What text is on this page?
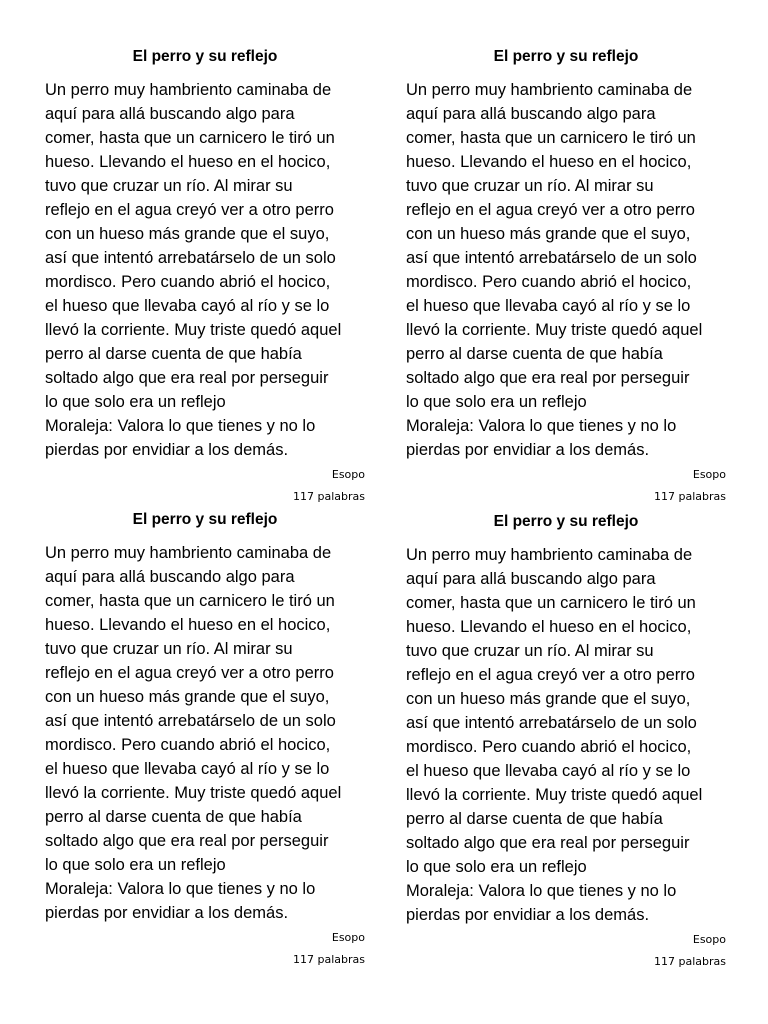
El perro y su reflejo
Un perro muy hambriento caminaba de
aquí para allá buscando algo para
comer, hasta que un carnicero le tiró un
hueso. Llevando el hueso en el hocico,
tuvo que cruzar un río. Al mirar su
reflejo en el agua creyó ver a otro perro
con un hueso más grande que el suyo,
así que intentó arrebatárselo de un solo
mordisco. Pero cuando abrió el hocico,
el hueso que llevaba cayó al río y se lo
llevó la corriente. Muy triste quedó aquel
perro al darse cuenta de que había
soltado algo que era real por perseguir
lo que solo era un reflejo
Moraleja: Valora lo que tienes y no lo
pierdas por envidiar a los demás.
Esopo
117 palabras
El perro y su reflejo
Un perro muy hambriento caminaba de
aquí para allá buscando algo para
comer, hasta que un carnicero le tiró un
hueso. Llevando el hueso en el hocico,
tuvo que cruzar un río. Al mirar su
reflejo en el agua creyó ver a otro perro
con un hueso más grande que el suyo,
así que intentó arrebatárselo de un solo
mordisco. Pero cuando abrió el hocico,
el hueso que llevaba cayó al río y se lo
llevó la corriente. Muy triste quedó aquel
perro al darse cuenta de que había
soltado algo que era real por perseguir
lo que solo era un reflejo
Moraleja: Valora lo que tienes y no lo
pierdas por envidiar a los demás.
Esopo
117 palabras
El perro y su reflejo
Un perro muy hambriento caminaba de
aquí para allá buscando algo para
comer, hasta que un carnicero le tiró un
hueso. Llevando el hueso en el hocico,
tuvo que cruzar un río. Al mirar su
reflejo en el agua creyó ver a otro perro
con un hueso más grande que el suyo,
así que intentó arrebatárselo de un solo
mordisco. Pero cuando abrió el hocico,
el hueso que llevaba cayó al río y se lo
llevó la corriente. Muy triste quedó aquel
perro al darse cuenta de que había
soltado algo que era real por perseguir
lo que solo era un reflejo
Moraleja: Valora lo que tienes y no lo
pierdas por envidiar a los demás.
Esopo
117 palabras
El perro y su reflejo
Un perro muy hambriento caminaba de
aquí para allá buscando algo para
comer, hasta que un carnicero le tiró un
hueso. Llevando el hueso en el hocico,
tuvo que cruzar un río. Al mirar su
reflejo en el agua creyó ver a otro perro
con un hueso más grande que el suyo,
así que intentó arrebatárselo de un solo
mordisco. Pero cuando abrió el hocico,
el hueso que llevaba cayó al río y se lo
llevó la corriente. Muy triste quedó aquel
perro al darse cuenta de que había
soltado algo que era real por perseguir
lo que solo era un reflejo
Moraleja: Valora lo que tienes y no lo
pierdas por envidiar a los demás.
Esopo
117 palabras
